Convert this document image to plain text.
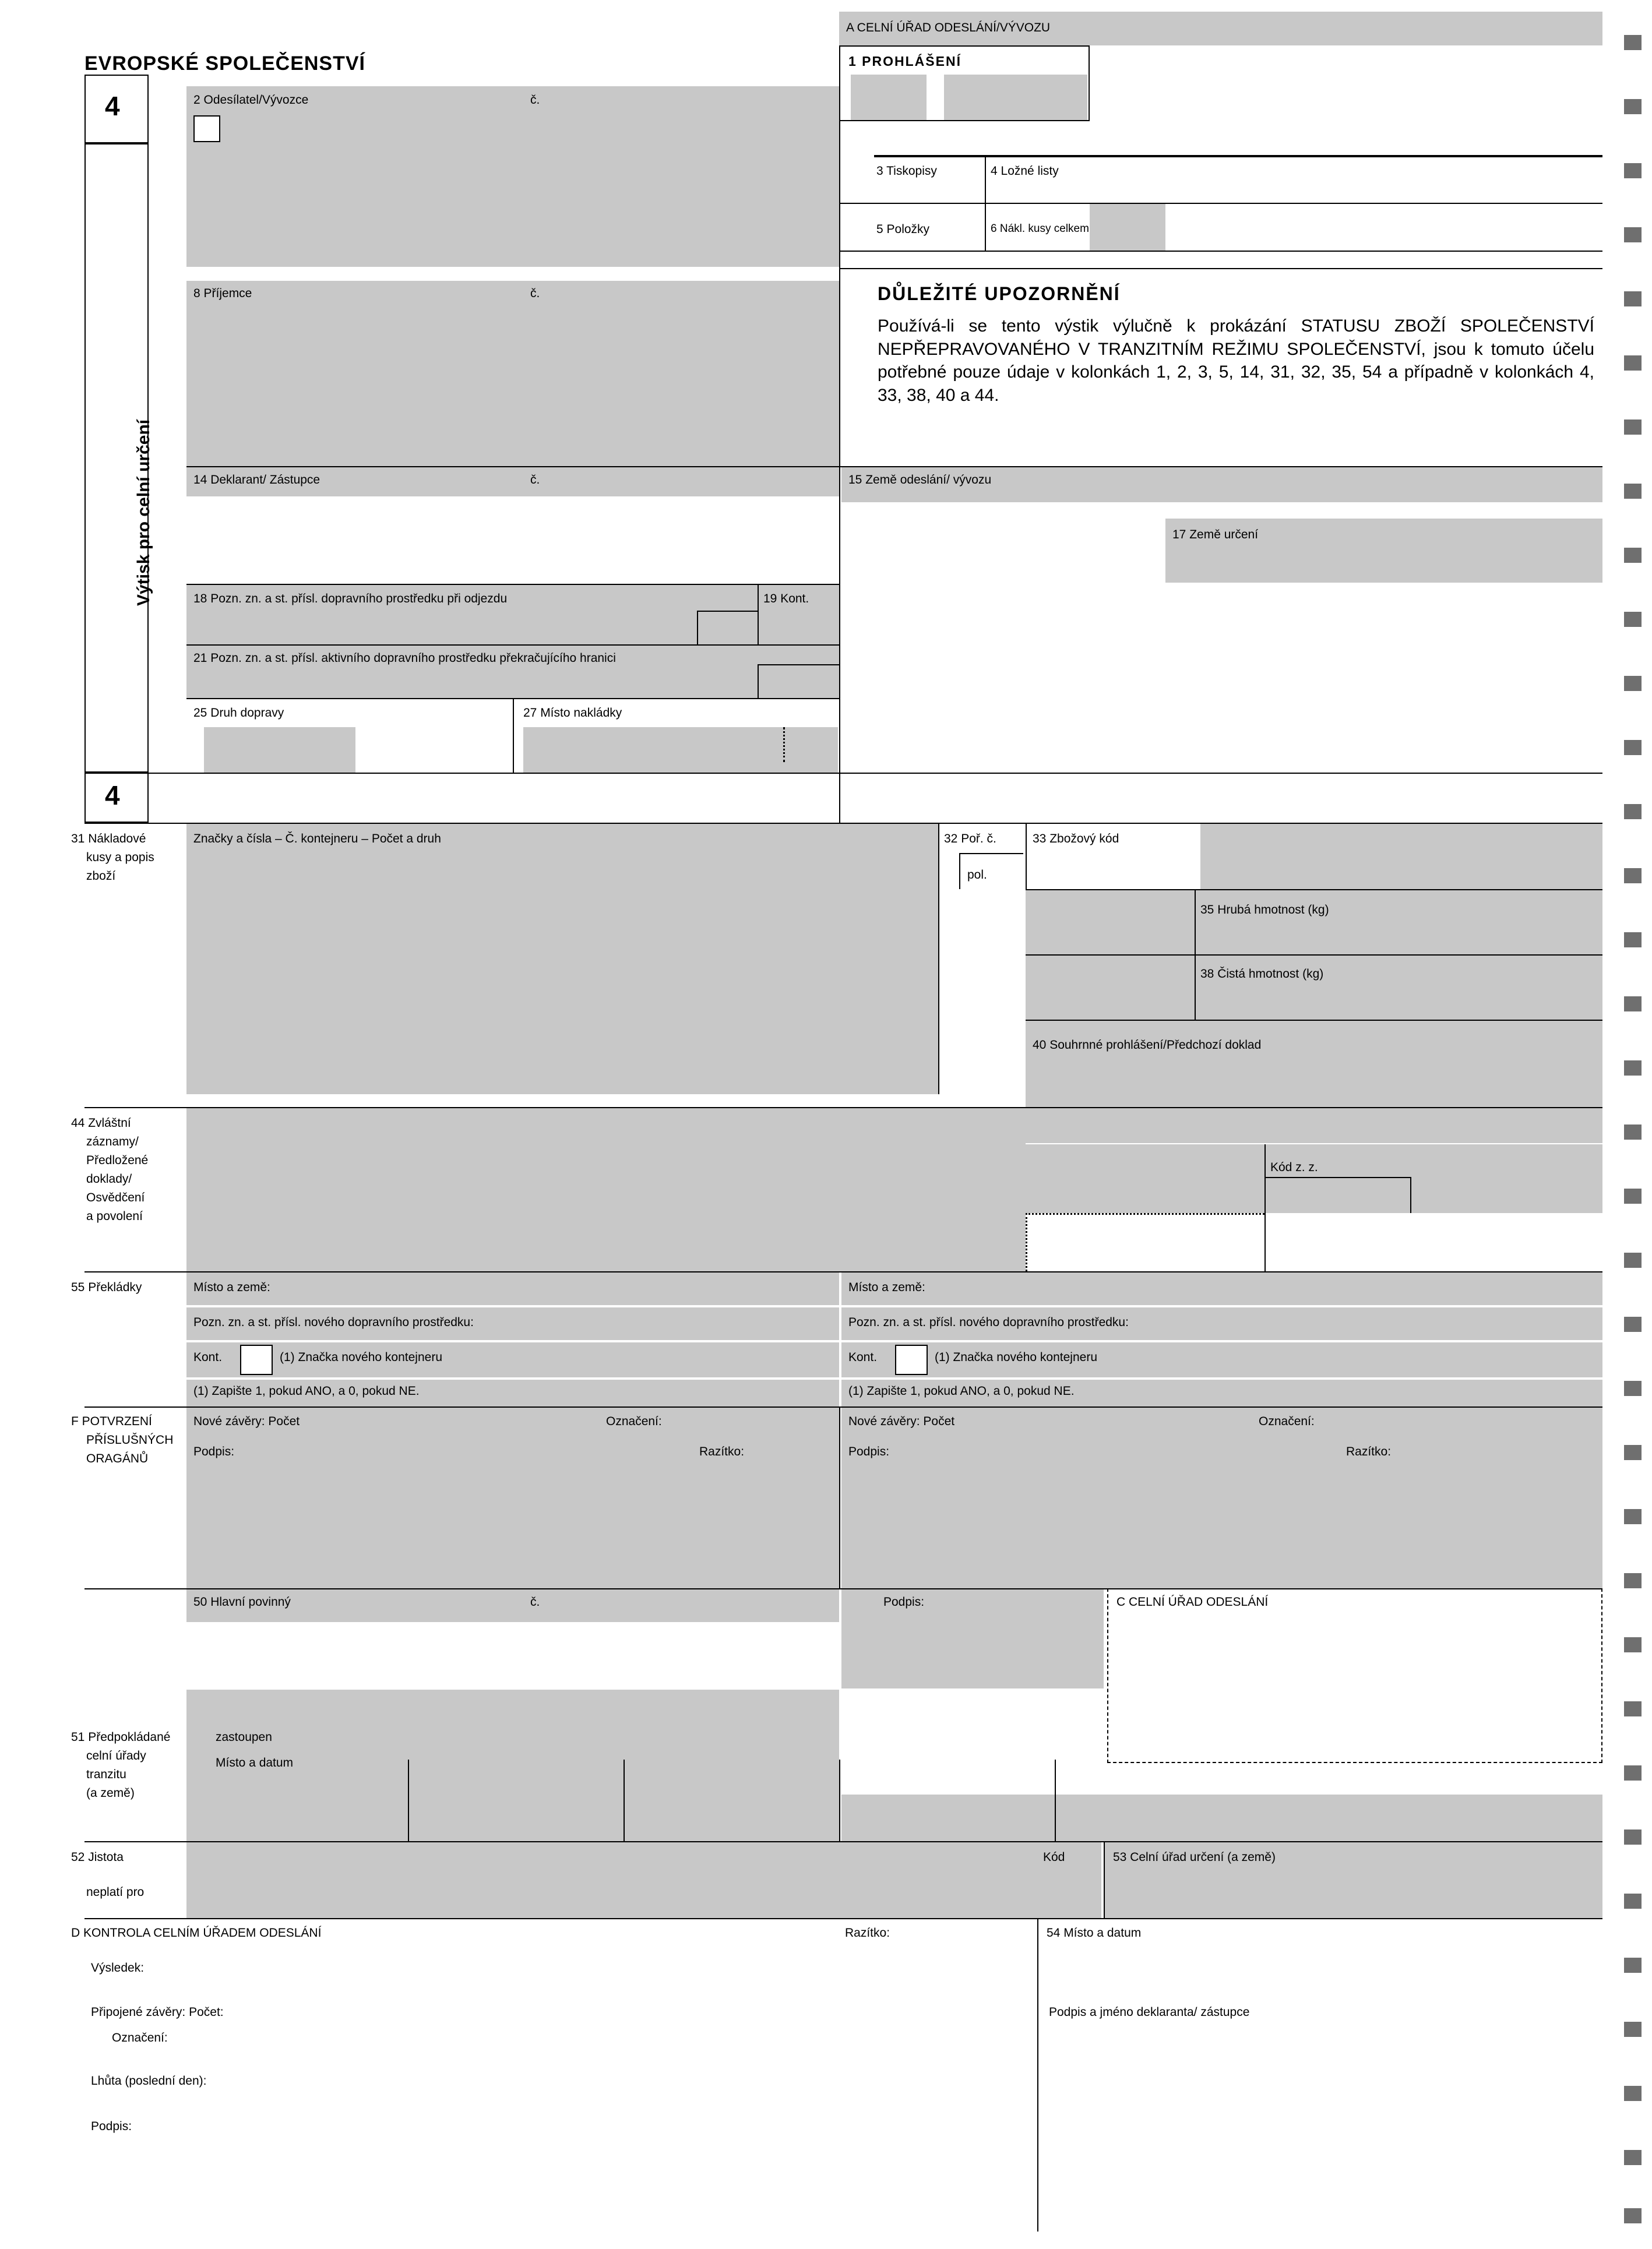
A CELNÍ ÚŘAD ODESLÁNÍ/VÝVOZU
EVROPSKÉ SPOLEČENSTVÍ	1 PROHLÁŠENÍ
4
Výtisk pro celní určení
2 Odesílatel/Vývozce	č.
3 Tiskopisy	4 Ložné listy
5 Položky	6 Nákl. kusy celkem
8 Příjemce	č.	DŮLEŽITÉ UPOZORNĚNÍ
Používá-li se tento výstik výlučně k prokázání STATUSU ZBOŽÍ SPOLEČENSTVÍ NEPŘEPRAVOVANÉHO V TRANZITNÍM REŽIMU SPOLEČENSTVÍ, jsou k tomuto účelu potřebné pouze údaje v kolonkách 1, 2, 3, 5, 14, 31, 32, 35, 54 a případně v kolonkách 4, 33, 38, 40 a 44.
14 Deklarant/ Zástupce	č.	15 Země odeslání/ vývozu
17 Země určení
18 Pozn. zn. a st. přísl. dopravního prostředku při odjezdu	19 Kont.
21 Pozn. zn. a st. přísl. aktivního dopravního prostředku překračujícího hranici
25 Druh dopravy	27 Místo nakládky
4
31 Nákladové
kusy a popis
zboží
Značky a čísla – Č. kontejneru – Počet a druh	32 Poř. č.
pol.
33 Zbožový kód
35 Hrubá hmotnost (kg)
38 Čistá hmotnost (kg)
40 Souhrnné prohlášení/Předchozí doklad
44 Zvláštní
záznamy/
Předložené
doklady/
Osvědčení
a povolení
Kód z. z.
55 Překládky	Místo a země:	Místo a země:
Pozn. zn. a st. přísl. nového dopravního prostředku:	Pozn. zn. a st. přísl. nového dopravního prostředku:
Kont.	(1) Značka nového kontejneru	Kont.	(1) Značka nového kontejneru
(1) Zapište 1, pokud ANO, a 0, pokud NE.	(1) Zapište 1, pokud ANO, a 0, pokud NE.
F POTVRZENÍ
PŘÍSLUŠNÝCH
ORAGÁNŮ
Nové závěry: Počet	Označení:
Podpis:	Razítko:
Nové závěry: Počet	Označení:
Podpis:	Razítko:
50 Hlavní povinný	č.	Podpis:	C CELNÍ ÚŘAD ODESLÁNÍ
51 Předpokládané
celní úřady
tranzitu
(a země)
zastoupen
Místo a datum
52 Jistota
neplatí pro
Kód	53 Celní úřad určení (a země)
D KONTROLA CELNÍM ÚŘADEM ODESLÁNÍ	Razítko:	54 Místo a datum
Výsledek:
Připojené závěry: Počet:
Označení:
Lhůta (poslední den):
Podpis:
Podpis a jméno deklaranta/ zástupce
